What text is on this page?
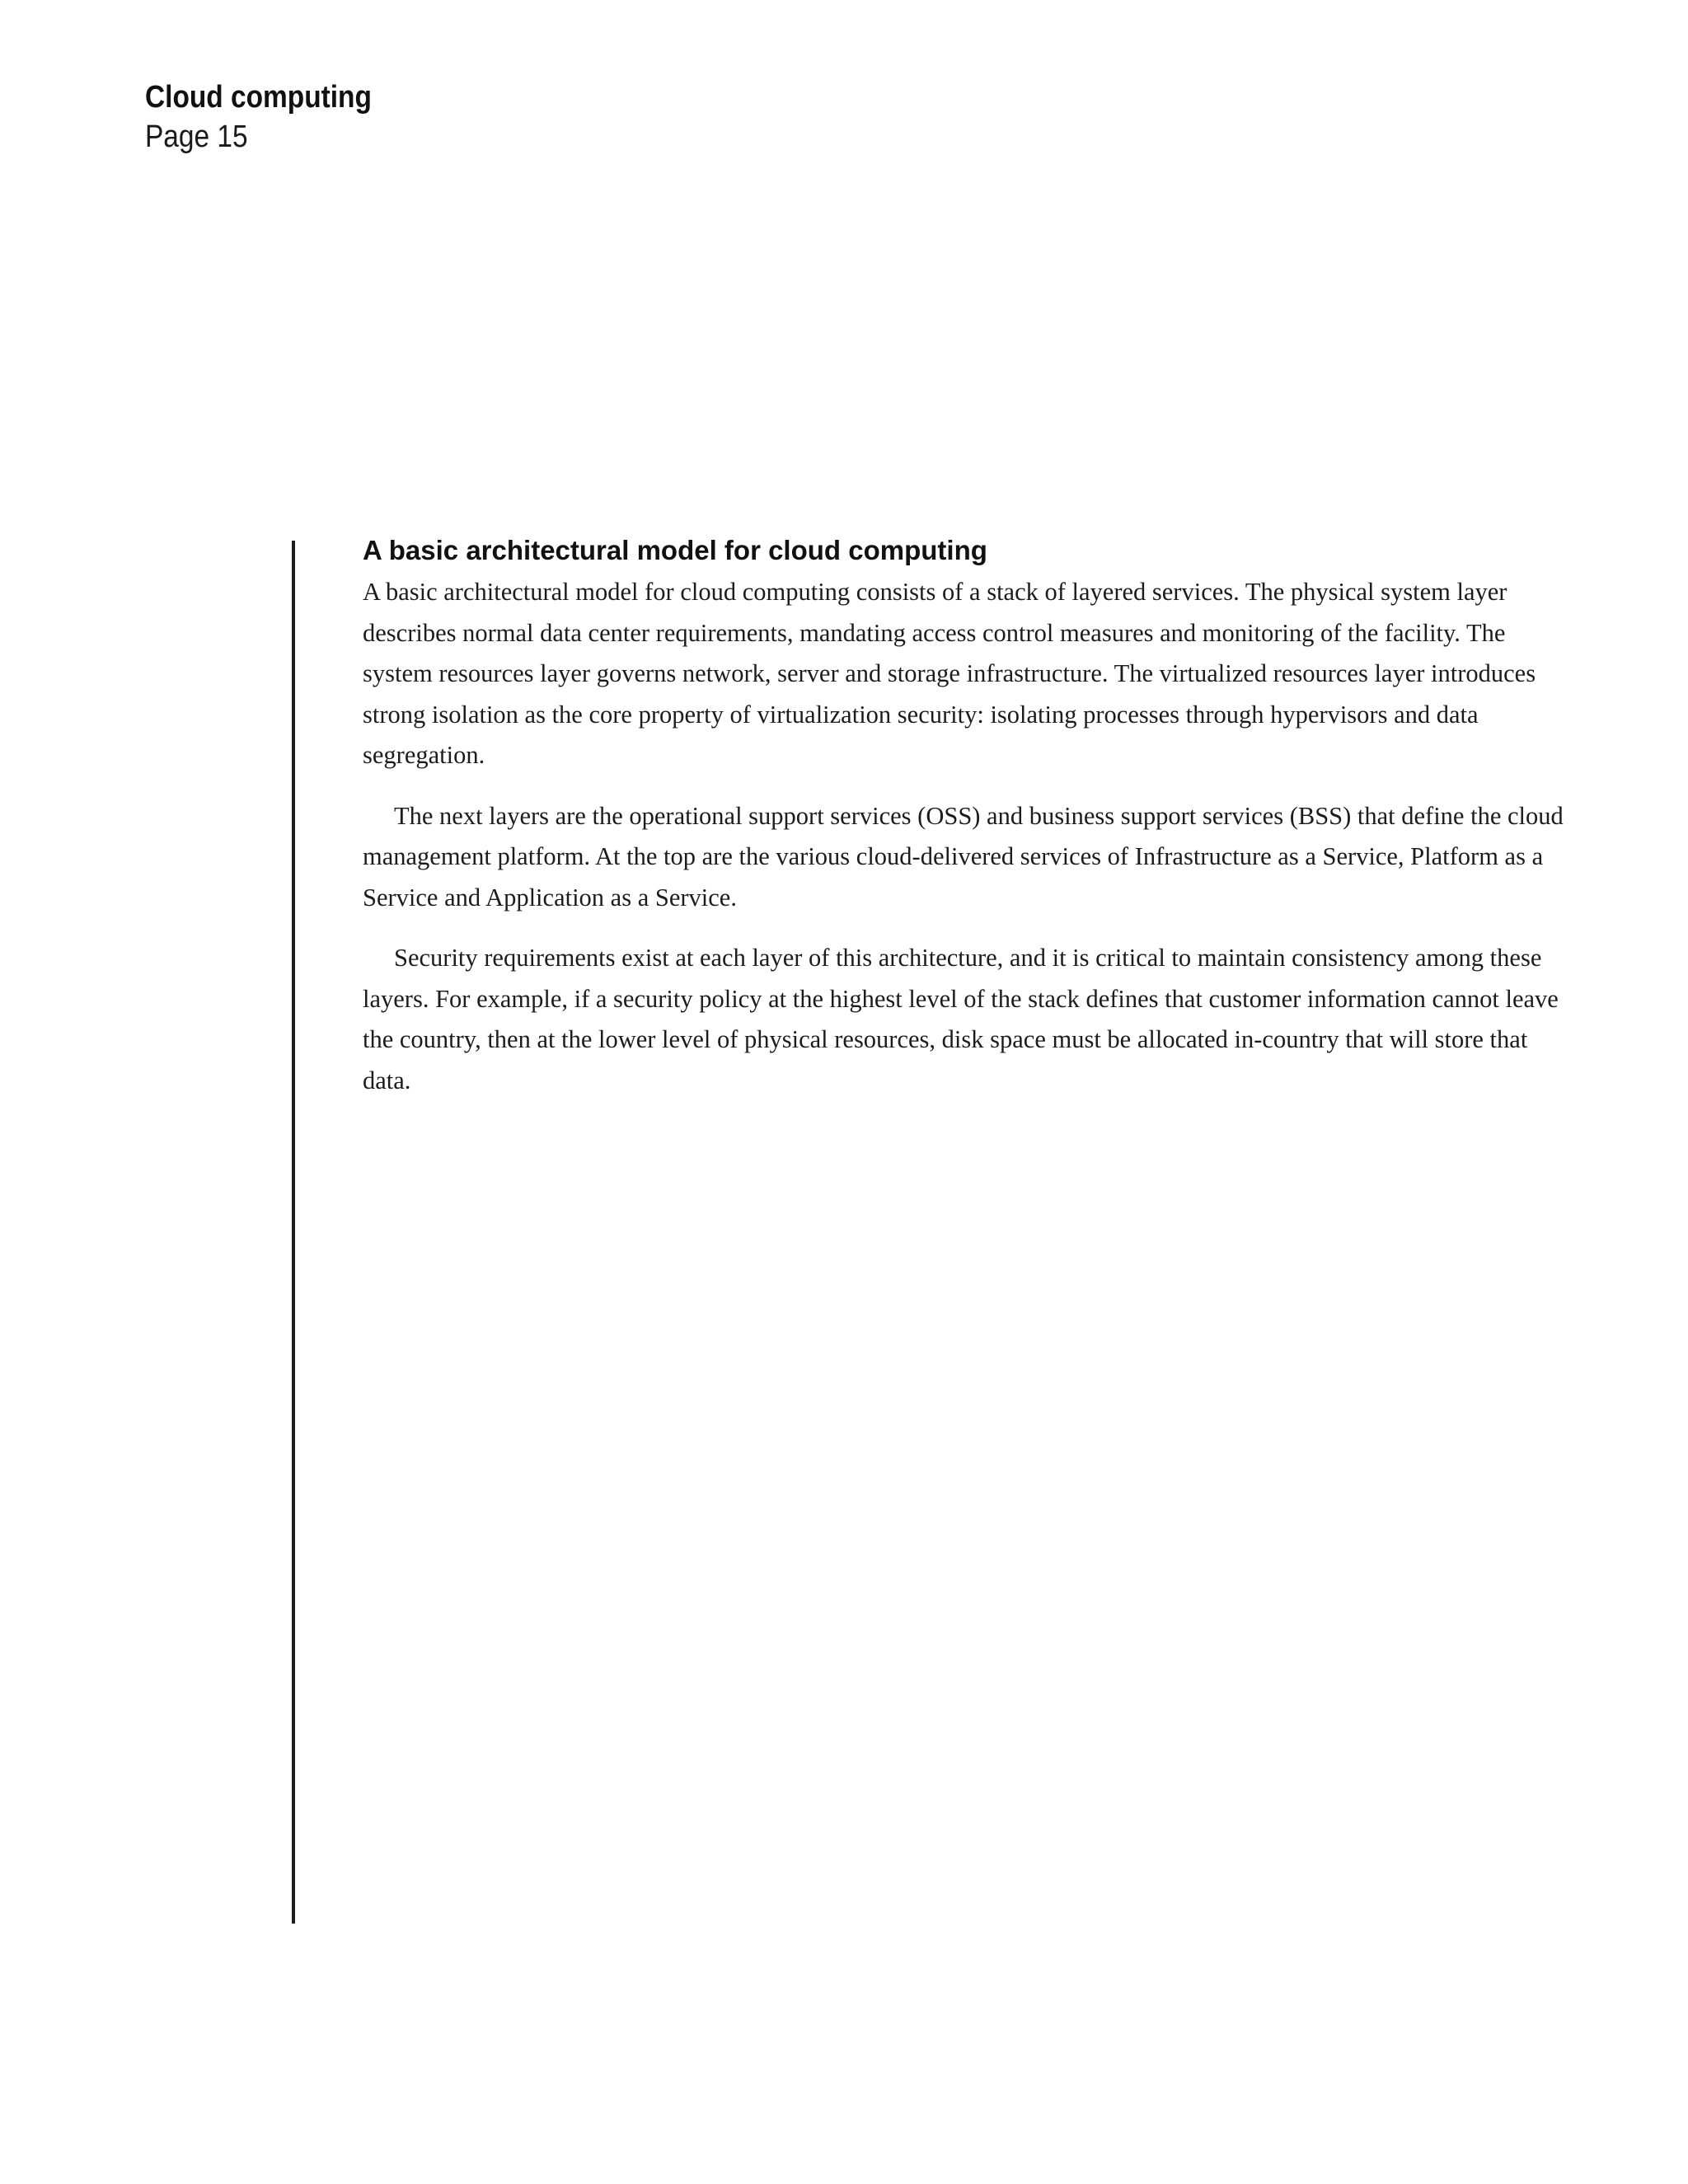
Cloud computing
Page 15
A basic architectural model for cloud computing

A basic architectural model for cloud computing consists of a stack of layered services. The physical system layer describes normal data center requirements, mandating access control measures and monitoring of the facility. The system resources layer governs network, server and storage infrastructure. The virtualized resources layer introduces strong isolation as the core property of virtualization security: isolating processes through hypervisors and data segregation.

The next layers are the operational support services (OSS) and business support services (BSS) that define the cloud management platform. At the top are the various cloud-delivered services of Infrastructure as a Service, Platform as a Service and Application as a Service.

Security requirements exist at each layer of this architecture, and it is critical to maintain consistency among these layers. For example, if a security policy at the highest level of the stack defines that customer information cannot leave the country, then at the lower level of physical resources, disk space must be allocated in-country that will store that data.
